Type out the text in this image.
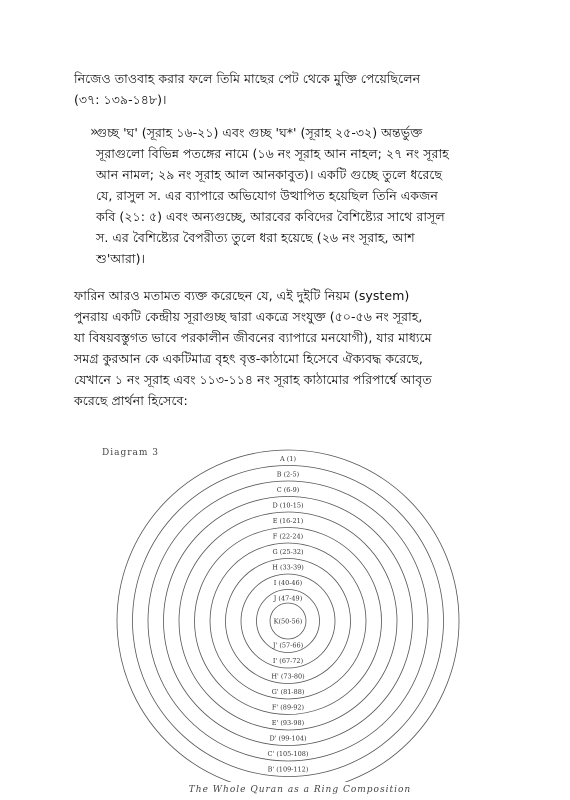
নিজেও তাওবাহ করার ফলে তিমি মাছের পেট থেকে মুক্তি পেয়েছিলেন
(৩৭: ১৩৯-১৪৮)।
»
গুচ্ছ 'ঘ' (সূরাহ ১৬-২১) এবং গুচ্ছ 'ঘ*' (সূরাহ ২৫-৩২) অন্তর্ভুক্ত
সূরাগুলো বিভিন্ন পতঙ্গের নামে (১৬ নং সূরাহ আন নাহল; ২৭ নং সূরাহ
আন নামল; ২৯ নং সূরাহ আল আনকাবুত)। একটি গুচ্ছে তুলে ধরেছে
যে, রাসুল স. এর ব্যাপারে অভিযোগ উত্থাপিত হয়েছিল তিনি একজন
কবি (২১: ৫) এবং অন্যগুচ্ছে, আরবের কবিদের বৈশিষ্ট্যের সাথে রাসূল
স. এর বৈশিষ্ট্যের বৈপরীত্য তুলে ধরা হয়েছে (২৬ নং সূরাহ, আশ
শু'আরা)।
ফারিন আরও মতামত ব্যক্ত করেছেন যে, এই দুইটি নিয়ম (system)
পুনরায় একটি কেন্দ্রীয় সূরাগুচ্ছ দ্বারা একত্রে সংযুক্ত (৫০-৫৬ নং সূরাহ,
যা বিষয়বস্তুগত ভাবে পরকালীন জীবনের ব্যাপারে মনযোগী), যার মাধ্যমে
সমগ্র কুরআন কে একটিমাত্র বৃহৎ বৃত্ত-কাঠামো হিসেবে ঐক্যবদ্ধ করেছে,
যেখানে ১ নং সূরাহ এবং ১১৩-১১৪ নং সূরাহ কাঠামোর পরিপার্শ্বে আবৃত
করেছে প্রার্থনা হিসেবে:
Diagram 3
A (1)
B (2-5)
B' (109-112)
C (6-9)
C' (105-108)
D (10-15)
D' (99-104)
E (16-21)
E' (93-98)
F (22-24)
F' (89-92)
G (25-32)
G' (81-88)
H (33-39)
H' (73-80)
I (40-46)
I' (67-72)
J (47-49)
J' (57-66)
K(50-56)
The Whole Quran as a Ring Composition
